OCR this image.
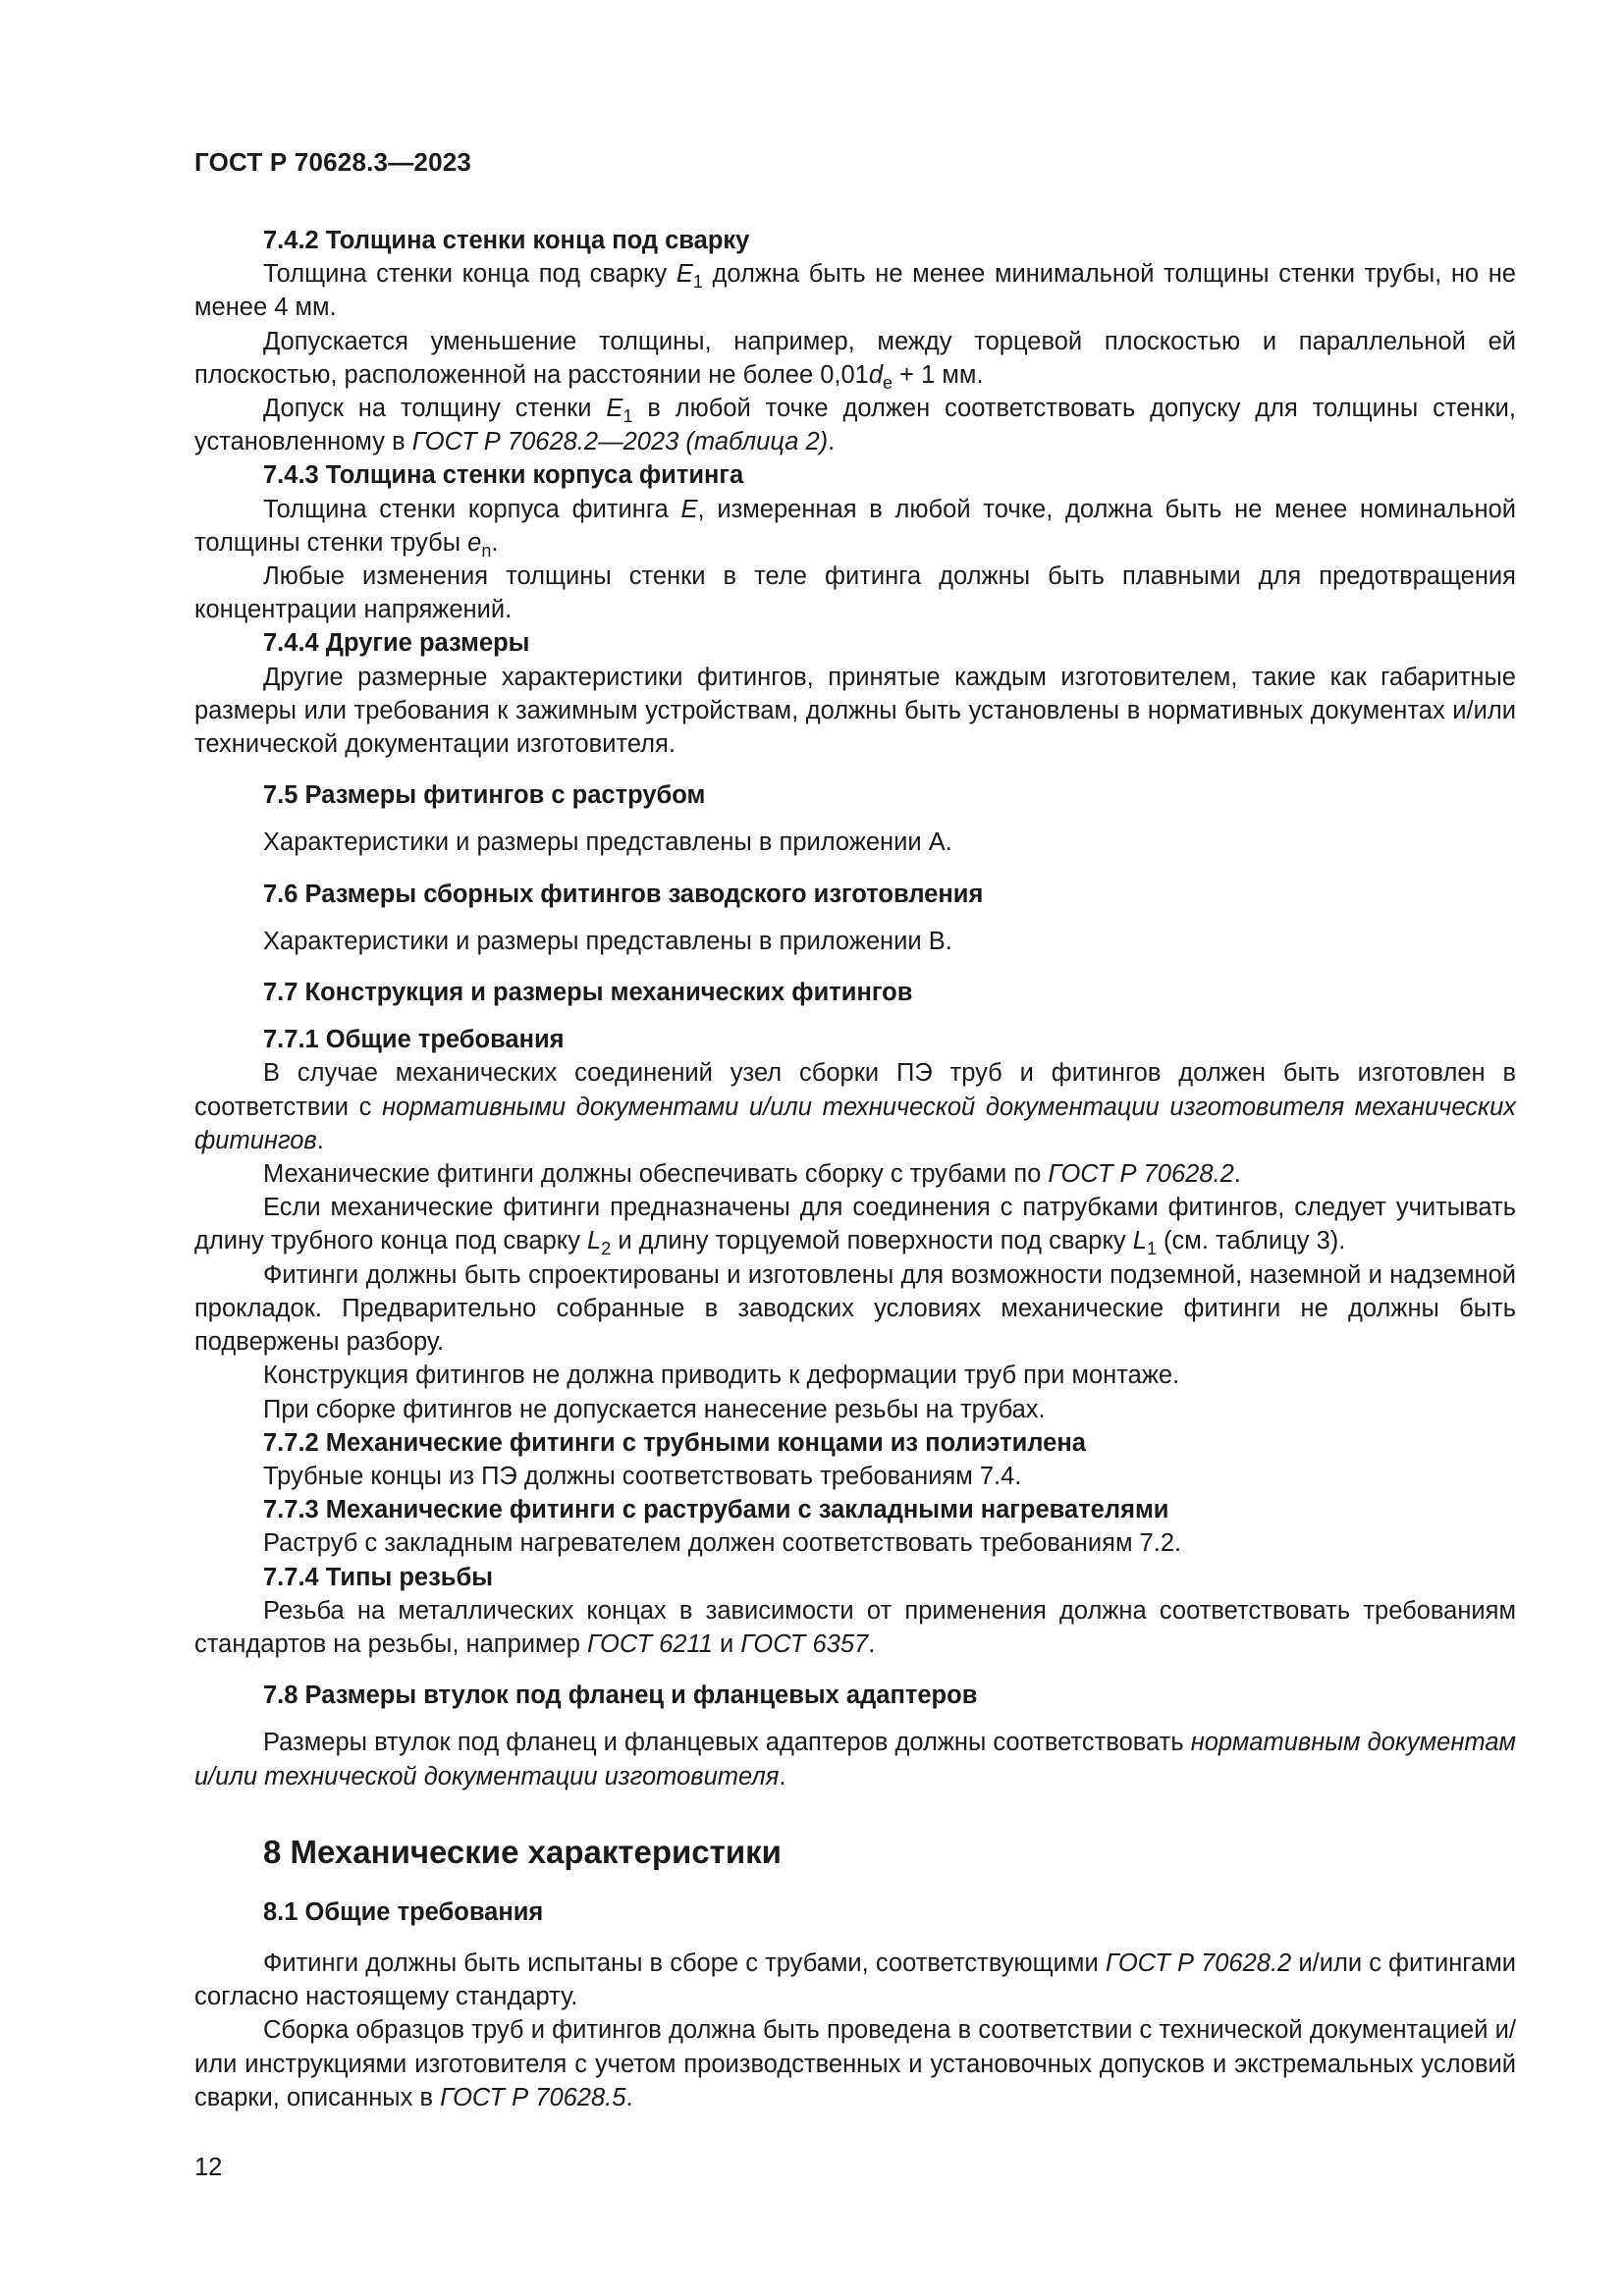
ГОСТ Р 70628.3—2023

7.4.2 Толщина стенки конца под сварку

Толщина стенки конца под сварку $E_1$ должна быть не менее минимальной толщины стенки трубы, но не менее 4 мм.

Допускается уменьшение толщины, например, между торцевой плоскостью и параллельной ей плоскостью, расположенной на расстоянии не более $0,01d_e + 1$ мм.

Допуск на толщину стенки $E_1$ в любой точке должен соответствовать допуску для толщины стенки, установленному в ГОСТ Р 70628.2—2023 (таблица 2).

7.4.3 Толщина стенки корпуса фитинга

Толщина стенки корпуса фитинга E, измеренная в любой точке, должна быть не менее номинальной толщины стенки трубы $e_n$.

Любые изменения толщины стенки в теле фитинга должны быть плавными для предотвращения концентрации напряжений.

7.4.4 Другие размеры

Другие размерные характеристики фитингов, принятые каждым изготовителем, такие как габаритные размеры или требования к зажимным устройствам, должны быть установлены в нормативных документах и/или технической документации изготовителя.

7.5 Размеры фитингов с раструбом

Характеристики и размеры представлены в приложении А.

7.6 Размеры сборных фитингов заводского изготовления

Характеристики и размеры представлены в приложении В.

7.7 Конструкция и размеры механических фитингов

7.7.1 Общие требования

В случае механических соединений узел сборки ПЭ труб и фитингов должен быть изготовлен в соответствии с нормативными документами и/или технической документации изготовителя механических фитингов.

Механические фитинги должны обеспечивать сборку с трубами по ГОСТ Р 70628.2.

Если механические фитинги предназначены для соединения с патрубками фитингов, следует учитывать длину трубного конца под сварку $L_2$ и длину торцуемой поверхности под сварку $L_1$ (см. таблицу 3).

Фитинги должны быть спроектированы и изготовлены для возможности подземной, наземной и надземной прокладок. Предварительно собранные в заводских условиях механические фитинги не должны быть подвержены разбору.

Конструкция фитингов не должна приводить к деформации труб при монтаже.

При сборке фитингов не допускается нанесение резьбы на трубах.

7.7.2 Механические фитинги с трубными концами из полиэтилена

Трубные концы из ПЭ должны соответствовать требованиям 7.4.

7.7.3 Механические фитинги с раструбами с закладными нагревателями

Раструб с закладным нагревателем должен соответствовать требованиям 7.2.

7.7.4 Типы резьбы

Резьба на металлических концах в зависимости от применения должна соответствовать требованиям стандартов на резьбы, например ГОСТ 6211 и ГОСТ 6357.

7.8 Размеры втулок под фланец и фланцевых адаптеров

Размеры втулок под фланец и фланцевых адаптеров должны соответствовать нормативным документам и/или технической документации изготовителя.

8 Механические характеристики

8.1 Общие требования

Фитинги должны быть испытаны в сборе с трубами, соответствующими ГОСТ Р 70628.2 и/или с фитингами согласно настоящему стандарту.

Сборка образцов труб и фитингов должна быть проведена в соответствии с технической документацией и/или инструкциями изготовителя с учетом производственных и установочных допусков и экстремальных условий сварки, описанных в ГОСТ Р 70628.5.

12
